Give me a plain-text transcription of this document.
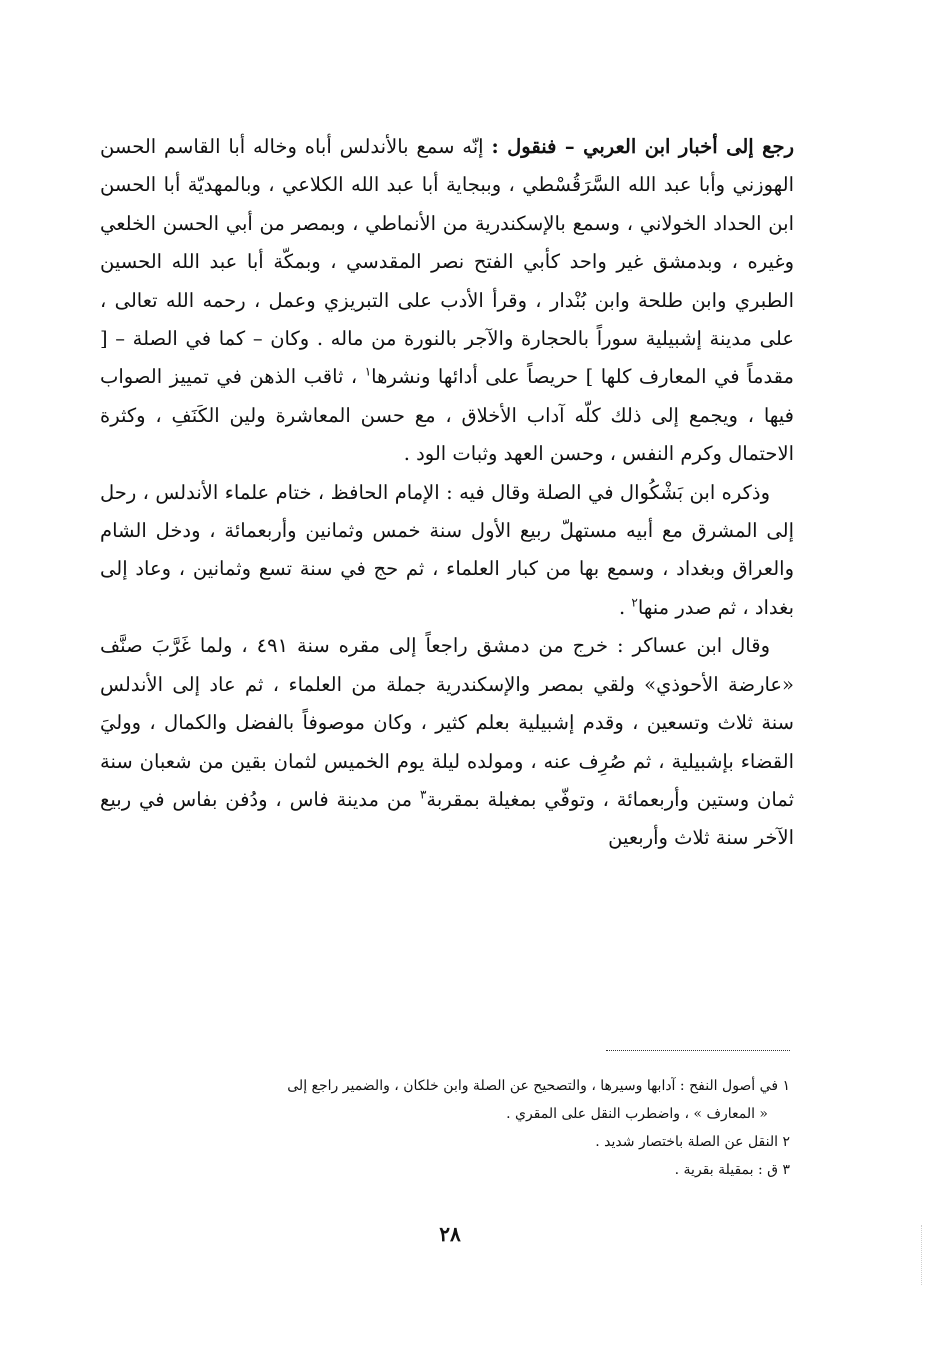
رجع إلى أخبار ابن العربي – فنقول : إنّه سمع بالأندلس أباه وخاله أبا القاسم الحسن الهوزني وأبا عبد الله السَّرَقُسْطي ، وببجاية أبا عبد الله الكلاعي ، وبالمهديّة أبا الحسن ابن الحداد الخولاني ، وسمع بالإسكندرية من الأنماطي ، وبمصر من أبي الحسن الخلعي وغيره ، وبدمشق غير واحد كأبي الفتح نصر المقدسي ، وبمكّة أبا عبد الله الحسين الطبري وابن طلحة وابن بُنْدار ، وقرأ الأدب على التبريزي وعمل ، رحمه الله تعالى ، على مدينة إشبيلية سوراً بالحجارة والآجر بالنورة من ماله . وكان – كما في الصلة – [ مقدماً في المعارف كلها ] حريصاً على أدائها ونشرها$^١$ ، ثاقب الذهن في تمييز الصواب فيها ، ويجمع إلى ذلك كلّه آداب الأخلاق ، مع حسن المعاشرة ولين الكَنَفِ ، وكثرة الاحتمال وكرم النفس ، وحسن العهد وثبات الود .

وذكره ابن بَشْكُوال في الصلة وقال فيه : الإمام الحافظ ، ختام علماء الأندلس ، رحل إلى المشرق مع أبيه مستهلّ ربيع الأول سنة خمس وثمانين وأربعمائة ، ودخل الشام والعراق وبغداد ، وسمع بها من كبار العلماء ، ثم حج في سنة تسع وثمانين ، وعاد إلى بغداد ، ثم صدر منها$^٢$ .

وقال ابن عساكر : خرج من دمشق راجعاً إلى مقره سنة ٤٩١ ، ولما غَرَّبَ صنَّف «عارضة الأحوذي» ولقي بمصر والإسكندرية جملة من العلماء ، ثم عاد إلى الأندلس سنة ثلاث وتسعين ، وقدم إشبيلية بعلم كثير ، وكان موصوفاً بالفضل والكمال ، ووليَ القضاء بإشبيلية ، ثم صُرِف عنه ، ومولده ليلة يوم الخميس لثمان بقين من شعبان سنة ثمان وستين وأربعمائة ، وتوفّي بمغيلة بمقربة$^٣$ من مدينة فاس ، ودُفن بفاس في ربيع الآخر سنة ثلاث وأربعين

١ في أصول النفح : آدابها وسيرها ، والتصحيح عن الصلة وابن خلكان ، والضمير راجع إلى

« المعارف » ، واضطرب النقل على المقري .

٢ النقل عن الصلة باختصار شديد .

٣ ق : بمقيلة بقرية .

٢٨
